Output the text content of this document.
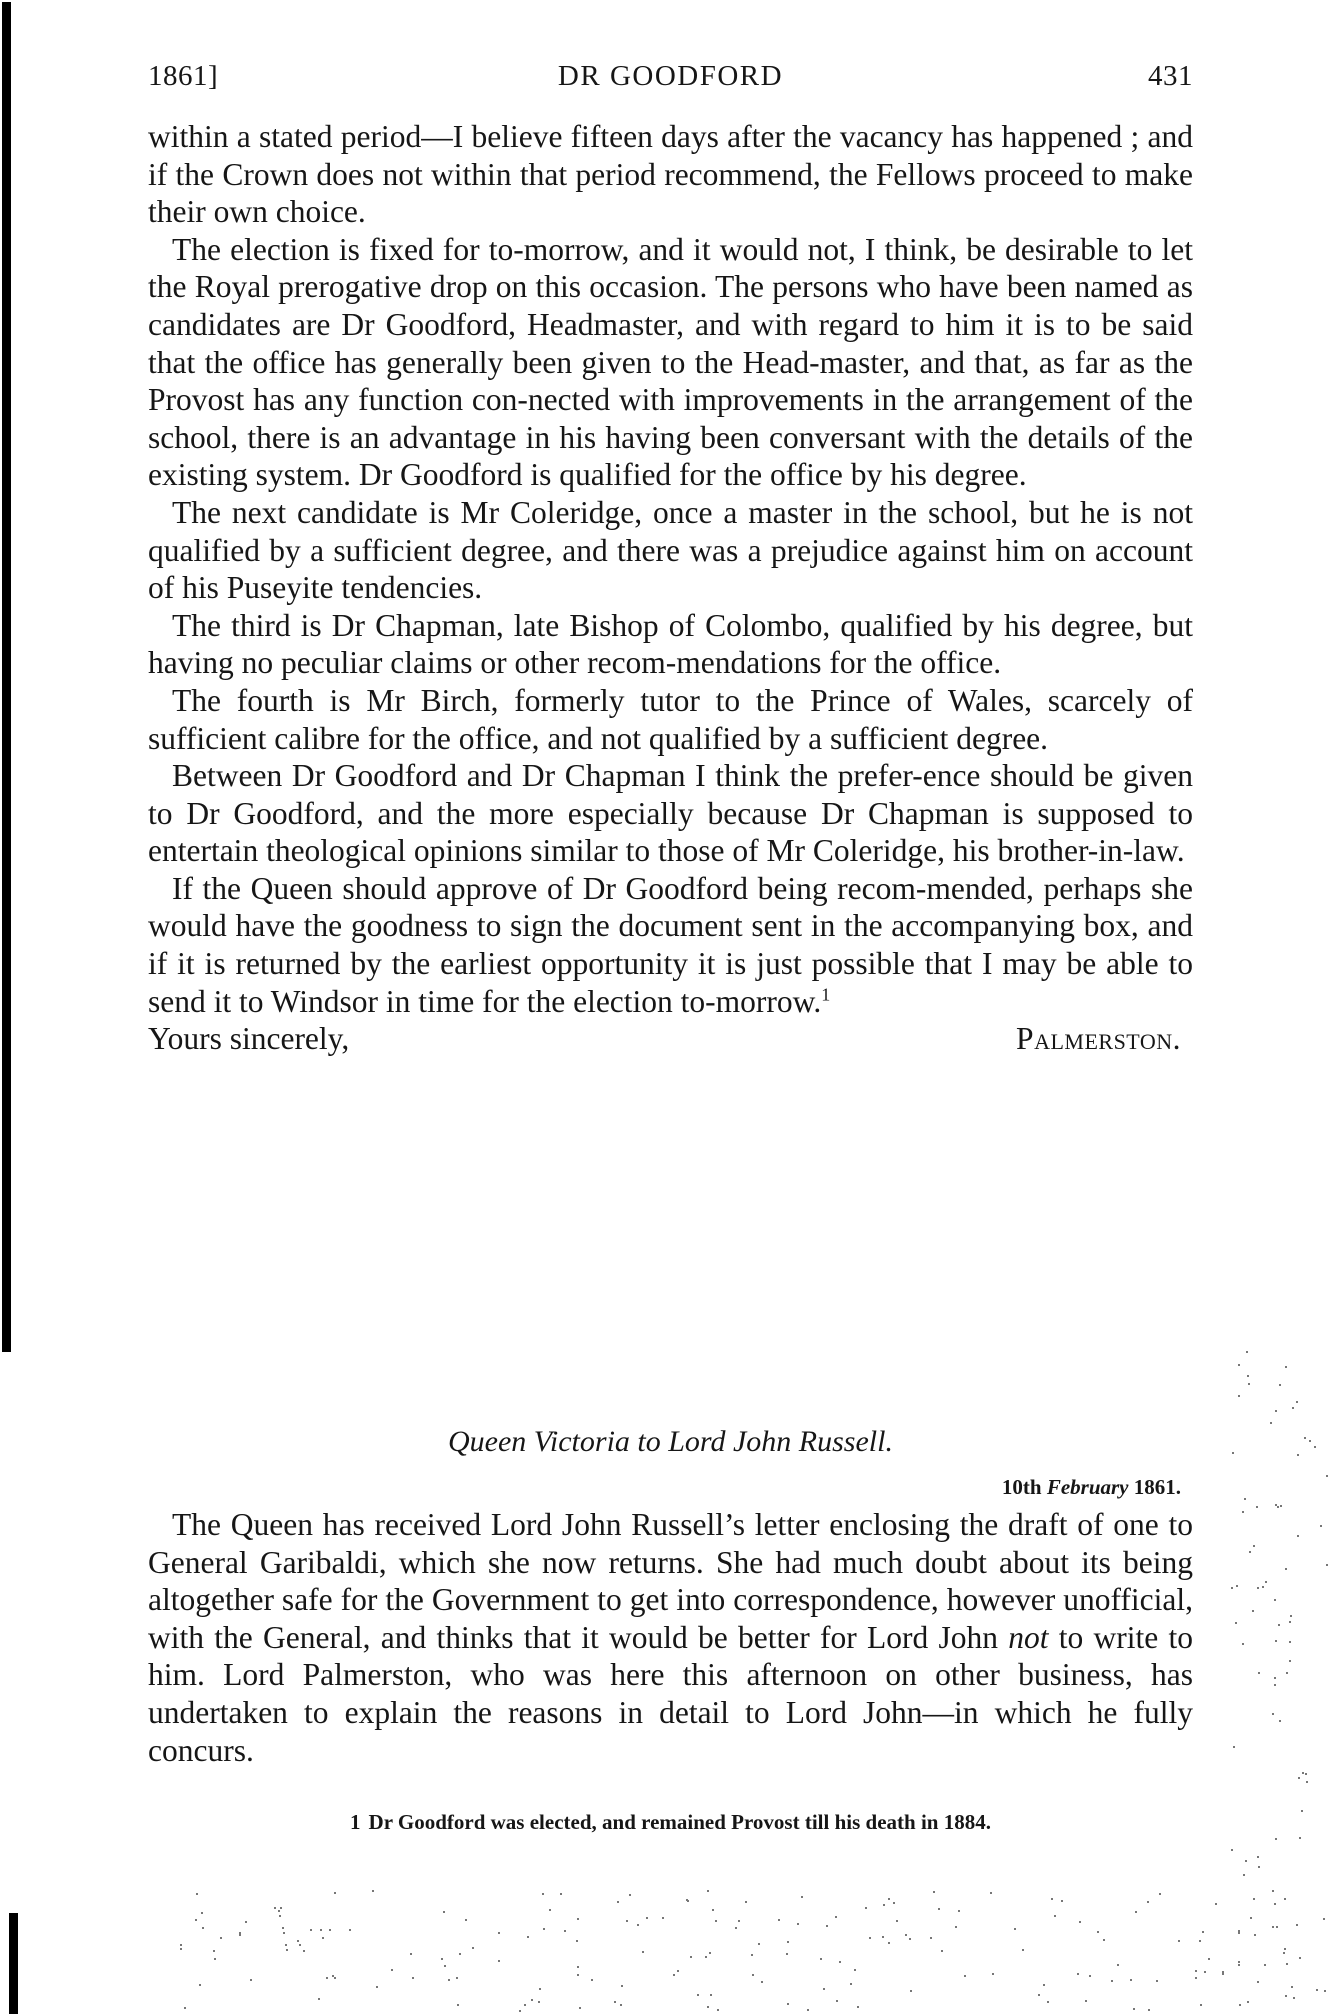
1861]	DR GOODFORD	431

within a stated period—I believe fifteen days after the vacancy has happened ; and if the Crown does not within that period recommend, the Fellows proceed to make their own choice.

The election is fixed for to-morrow, and it would not, I think, be desirable to let the Royal prerogative drop on this occasion. The persons who have been named as candidates are Dr Goodford, Headmaster, and with regard to him it is to be said that the office has generally been given to the Head-master, and that, as far as the Provost has any function con-nected with improvements in the arrangement of the school, there is an advantage in his having been conversant with the details of the existing system. Dr Goodford is qualified for the office by his degree.

The next candidate is Mr Coleridge, once a master in the school, but he is not qualified by a sufficient degree, and there was a prejudice against him on account of his Puseyite tendencies.

The third is Dr Chapman, late Bishop of Colombo, qualified by his degree, but having no peculiar claims or other recom-mendations for the office.

The fourth is Mr Birch, formerly tutor to the Prince of Wales, scarcely of sufficient calibre for the office, and not qualified by a sufficient degree.

Between Dr Goodford and Dr Chapman I think the prefer-ence should be given to Dr Goodford, and the more especially because Dr Chapman is supposed to entertain theological opinions similar to those of Mr Coleridge, his brother-in-law.

If the Queen should approve of Dr Goodford being recom-mended, perhaps she would have the goodness to sign the document sent in the accompanying box, and if it is returned by the earliest opportunity it is just possible that I may be able to send it to Windsor in time for the election to-morrow.$^1$

Yours sincerely,	Palmerston.
Queen Victoria to Lord John Russell.
10th February 1861.

The Queen has received Lord John Russell’s letter enclosing the draft of one to General Garibaldi, which she now returns. She had much doubt about its being altogether safe for the Government to get into correspondence, however unofficial, with the General, and thinks that it would be better for Lord John not to write to him. Lord Palmerston, who was here this afternoon on other business, has undertaken to explain the reasons in detail to Lord John—in which he fully concurs.

1 Dr Goodford was elected, and remained Provost till his death in 1884.
